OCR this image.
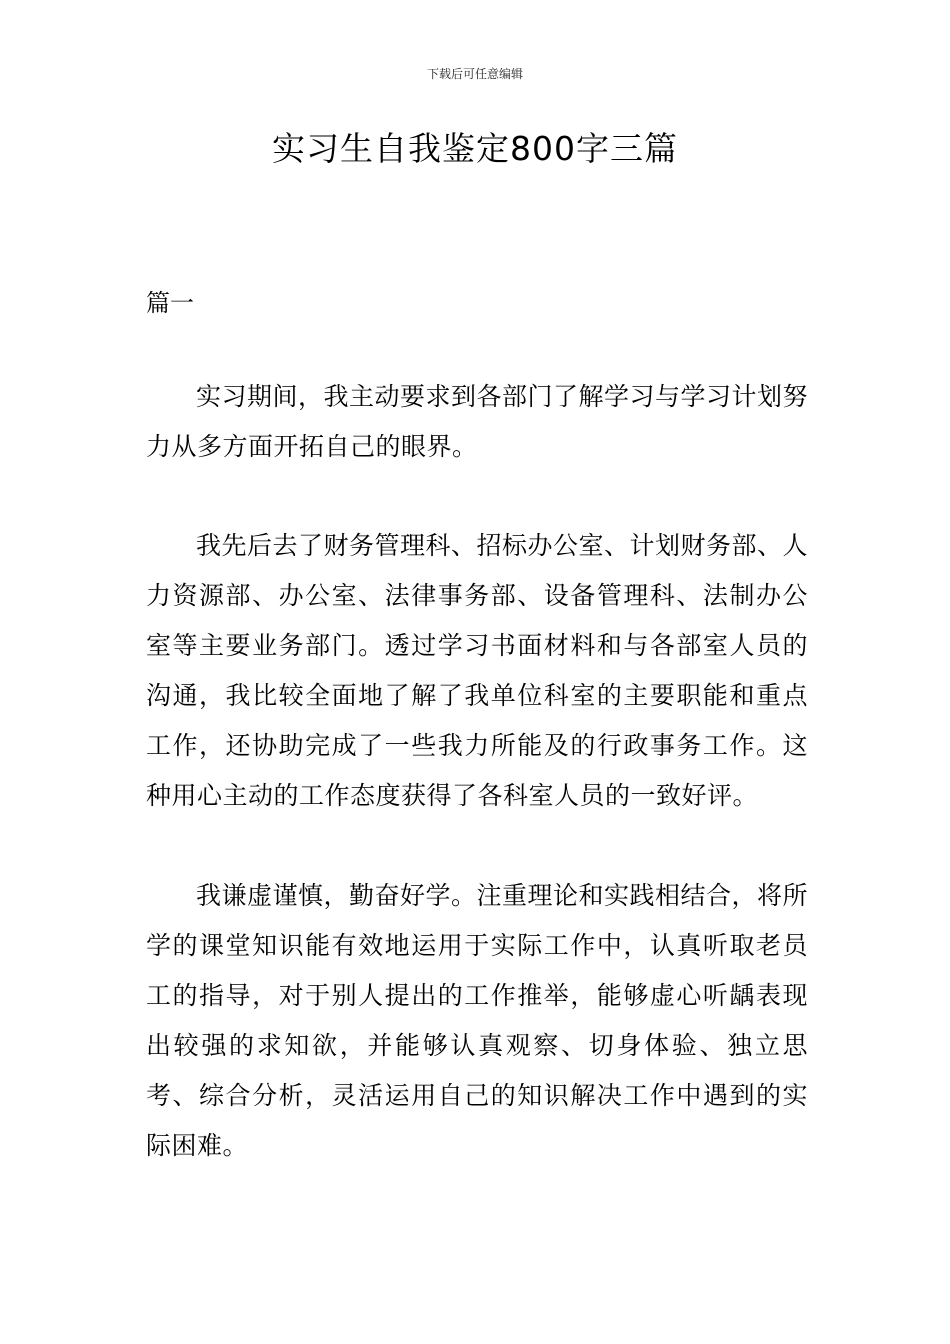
下载后可任意编辑
实习生自我鉴定800字三篇

篇一

实习期间，我主动要求到各部门了解学习与学习计划努力从多方面开拓自己的眼界。

我先后去了财务管理科、招标办公室、计划财务部、人力资源部、办公室、法律事务部、设备管理科、法制办公室等主要业务部门。透过学习书面材料和与各部室人员的沟通，我比较全面地了解了我单位科室的主要职能和重点工作，还协助完成了一些我力所能及的行政事务工作。这种用心主动的工作态度获得了各科室人员的一致好评。

我谦虚谨慎，勤奋好学。注重理论和实践相结合，将所学的课堂知识能有效地运用于实际工作中，认真听取老员工的指导，对于别人提出的工作推举，能够虚心听龋表现出较强的求知欲，并能够认真观察、切身体验、独立思考、综合分析，灵活运用自己的知识解决工作中遇到的实际困难。
